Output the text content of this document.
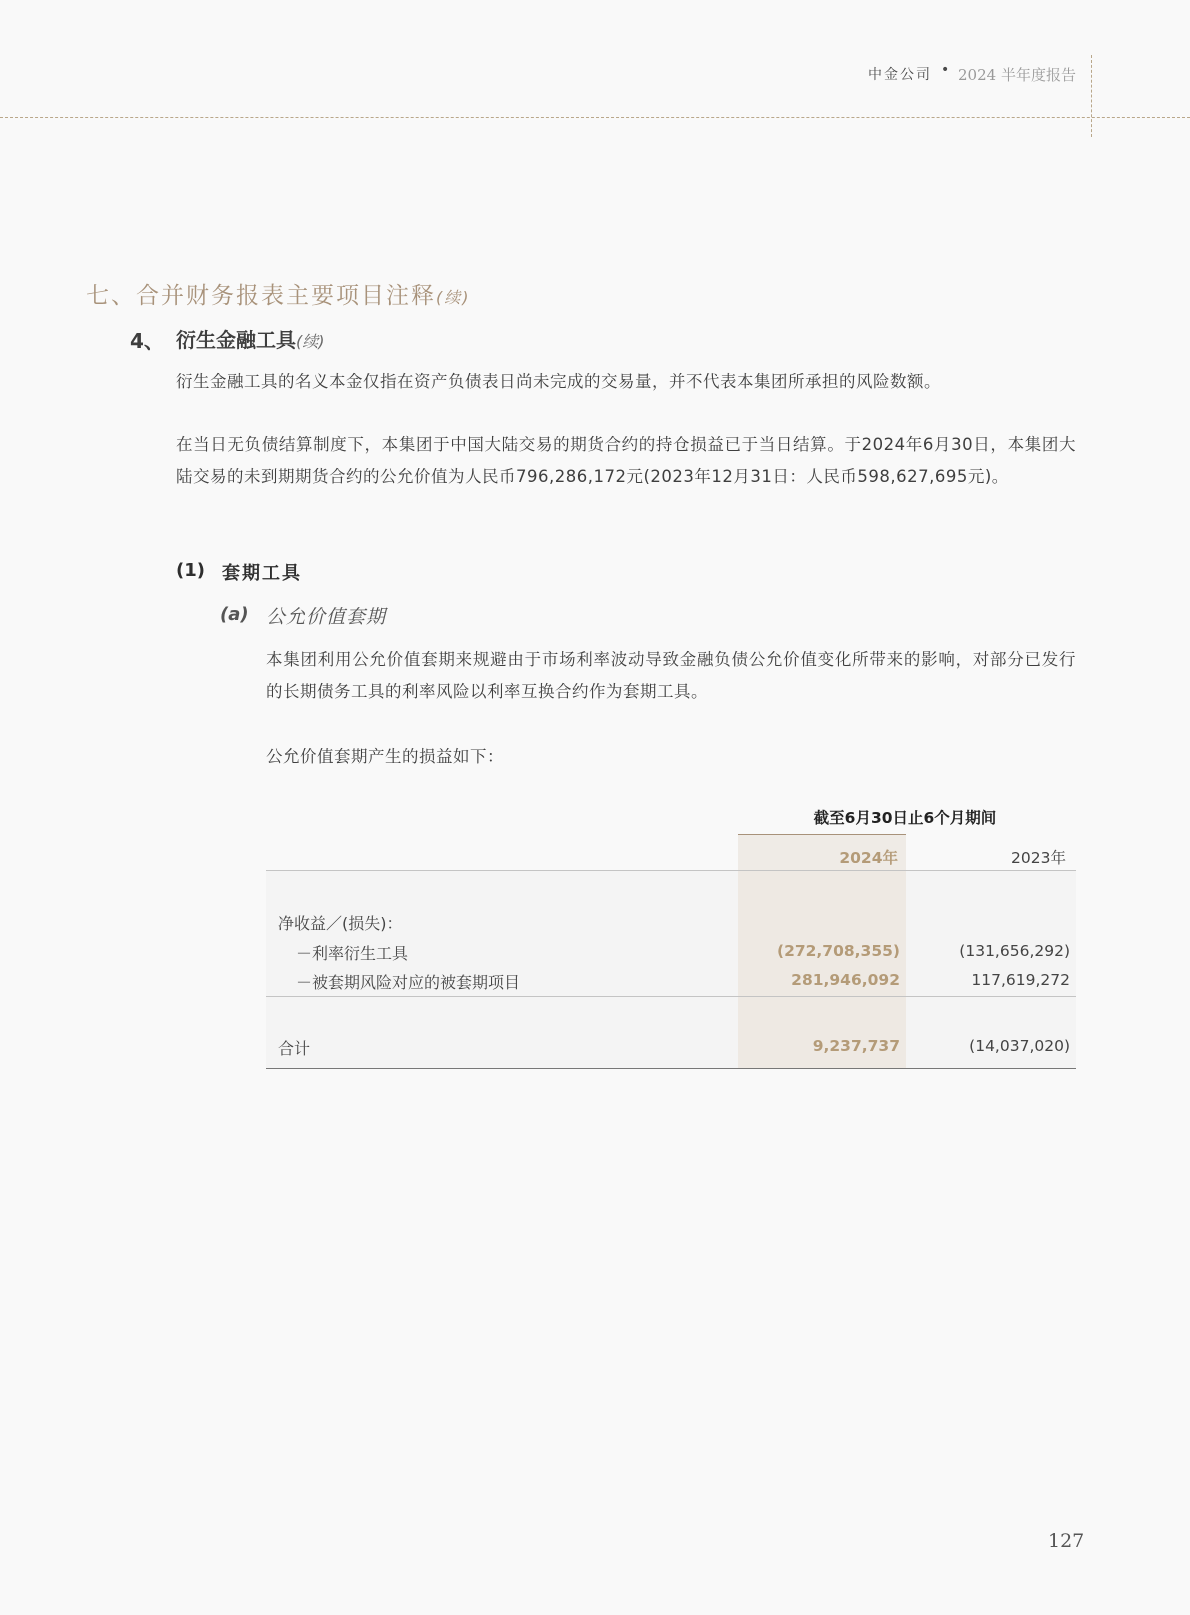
中金公司 • 2024 半年度报告
七、合并财务报表主要项目注释(续)
4、 衍生金融工具(续)
衍生金融工具的名义本金仅指在资产负债表日尚未完成的交易量，并不代表本集团所承担的风险数额。
在当日无负债结算制度下，本集团于中国大陆交易的期货合约的持仓损益已于当日结算。于2024年6月30日，本集团大陆交易的未到期期货合约的公允价值为人民币796,286,172元(2023年12月31日：人民币598,627,695元)。
(1) 套期工具
(a) 公允价值套期
本集团利用公允价值套期来规避由于市场利率波动导致金融负债公允价值变化所带来的影响，对部分已发行的长期债务工具的利率风险以利率互换合约作为套期工具。
公允价值套期产生的损益如下：
截至6月30日止6个月期间
2024年	2023年
净收益／(损失)：
－利率衍生工具	(272,708,355)	(131,656,292)
－被套期风险对应的被套期项目	281,946,092	117,619,272
合计	9,237,737	(14,037,020)
127
